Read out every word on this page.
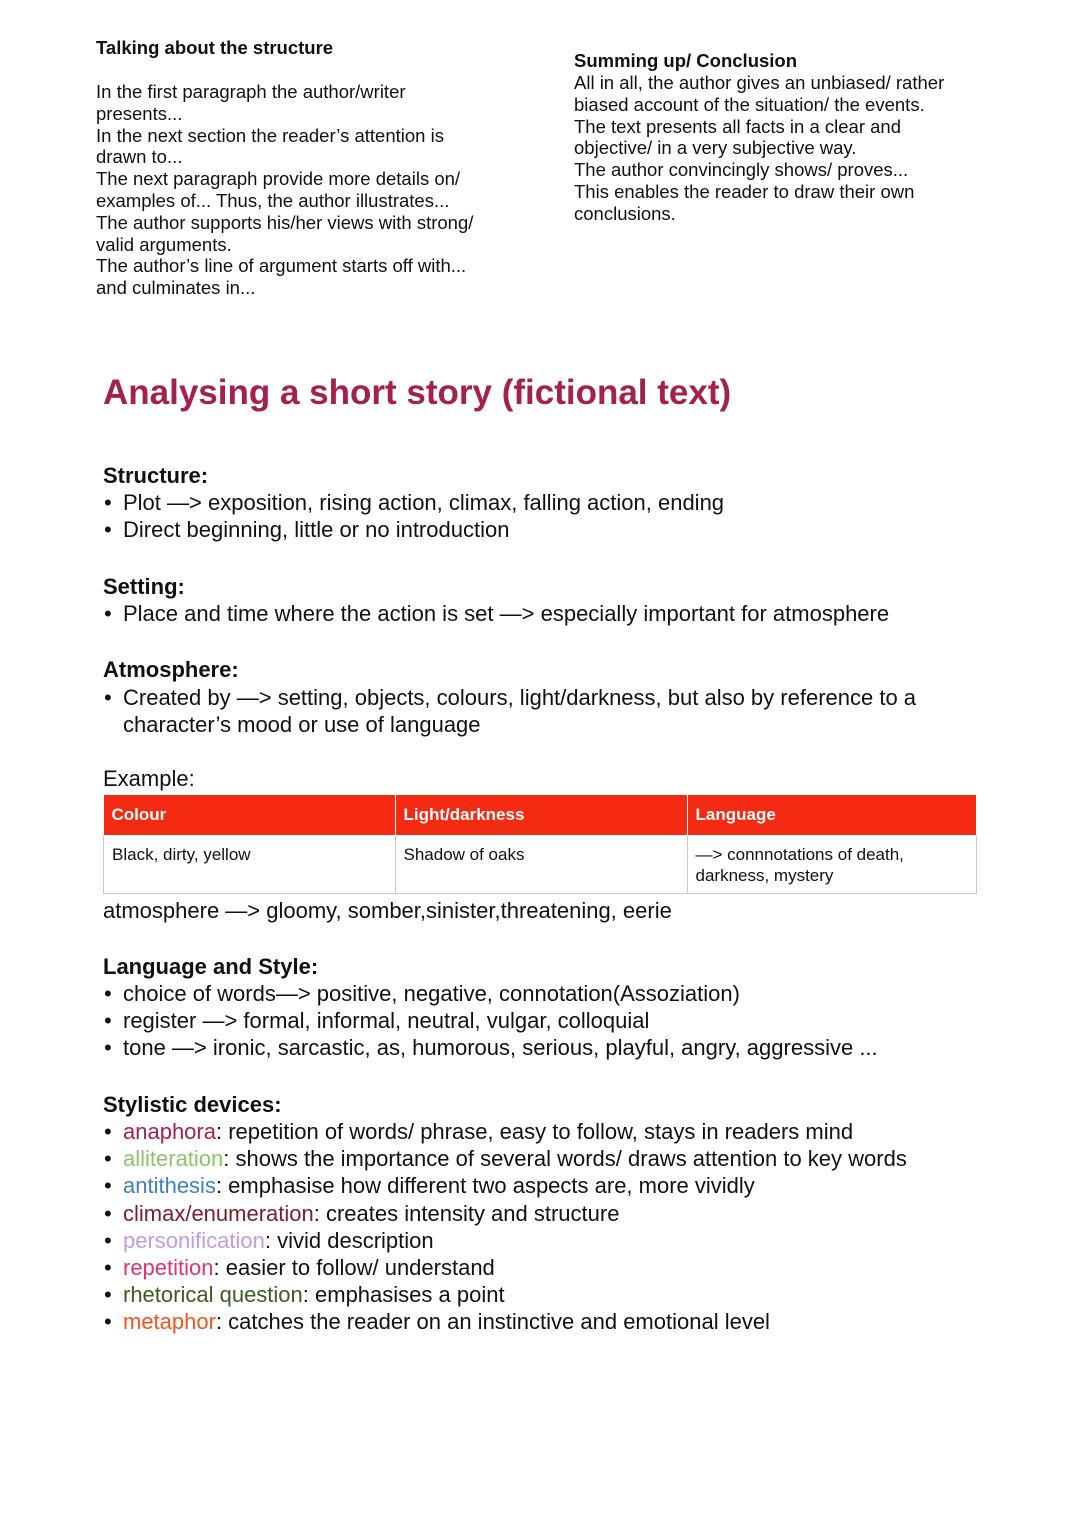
Talking about the structure
In the first paragraph the author/writer
presents...
In the next section the reader’s attention is
drawn to...
The next paragraph provide more details on/
examples of... Thus, the author illustrates...
The author supports his/her views with strong/
valid arguments.
The author’s line of argument starts off with...
and culminates in...
Summing up/ Conclusion
All in all, the author gives an unbiased/ rather
biased account of the situation/ the events.
The text presents all facts in a clear and
objective/ in a very subjective way.
The author convincingly shows/ proves...
This enables the reader to draw their own
conclusions.
Analysing a short story (fictional text)
Structure:
• Plot —> exposition, rising action, climax, falling action, ending
• Direct beginning, little or no introduction
Setting:
• Place and time where the action is set —> especially important for atmosphere
Atmosphere:
• Created by —> setting, objects, colours, light/darkness, but also by reference to a character’s mood or use of language
Example:
Colour	Light/darkness	Language
Black, dirty, yellow	Shadow of oaks	—> connnotations of death, darkness, mystery
atmosphere —> gloomy, somber,sinister,threatening, eerie
Language and Style:
• choice of words—> positive, negative, connotation(Assoziation)
• register —> formal, informal, neutral, vulgar, colloquial
• tone —> ironic, sarcastic, as, humorous, serious, playful, angry, aggressive ...
Stylistic devices:
• anaphora: repetition of words/ phrase, easy to follow, stays in readers mind
• alliteration: shows the importance of several words/ draws attention to key words
• antithesis: emphasise how different two aspects are, more vividly
• climax/enumeration: creates intensity and structure
• personification: vivid description
• repetition: easier to follow/ understand
• rhetorical question: emphasises a point
• metaphor: catches the reader on an instinctive and emotional level
